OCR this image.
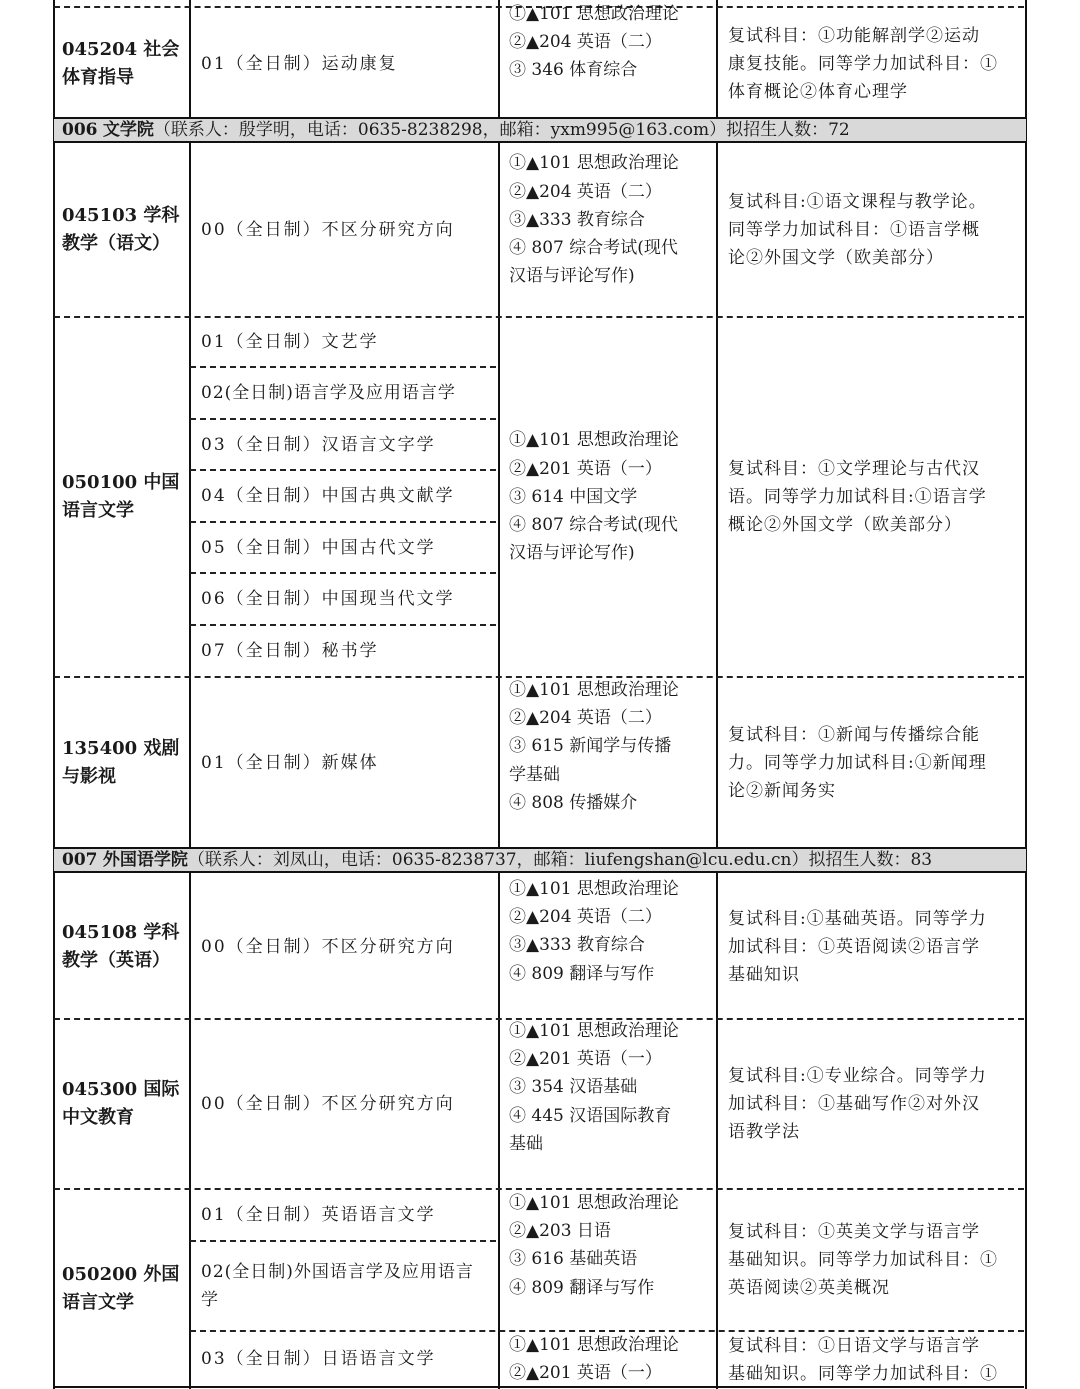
006 文学院（联系人：殷学明，电话：0635-8238298，邮箱：yxm995@163.com）拟招生人数：72
007 外国语学院（联系人：刘凤山，电话：0635-8238737，邮箱：liufengshan@lcu.edu.cn）拟招生人数：83
045204 社会
体育指导
01（全日制）运动康复
①▲101 思想政治理论
②▲204 英语（二）
③ 346 体育综合
复试科目：①功能解剖学②运动
康复技能。同等学力加试科目：①
体育概论②体育心理学
045103 学科
教学（语文）
00（全日制）不区分研究方向
①▲101 思想政治理论
②▲204 英语（二）
③▲333 教育综合
④ 807 综合考试(现代
汉语与评论写作)
复试科目:①语文课程与教学论。
同等学力加试科目：①语言学概
论②外国文学（欧美部分）
050100 中国
语言文学
01（全日制）文艺学
02(全日制)语言学及应用语言学
03（全日制）汉语言文字学
04（全日制）中国古典文献学
05（全日制）中国古代文学
06（全日制）中国现当代文学
07（全日制）秘书学
①▲101 思想政治理论
②▲201 英语（一）
③ 614 中国文学
④ 807 综合考试(现代
汉语与评论写作)
复试科目：①文学理论与古代汉
语。同等学力加试科目:①语言学
概论②外国文学（欧美部分）
135400 戏剧
与影视
01（全日制）新媒体
①▲101 思想政治理论
②▲204 英语（二）
③ 615 新闻学与传播
学基础
④ 808 传播媒介
复试科目：①新闻与传播综合能
力。同等学力加试科目:①新闻理
论②新闻务实
045108 学科
教学（英语）
00（全日制）不区分研究方向
①▲101 思想政治理论
②▲204 英语（二）
③▲333 教育综合
④ 809 翻译与写作
复试科目:①基础英语。同等学力
加试科目：①英语阅读②语言学
基础知识
045300 国际
中文教育
00（全日制）不区分研究方向
①▲101 思想政治理论
②▲201 英语（一）
③ 354 汉语基础
④ 445 汉语国际教育
基础
复试科目:①专业综合。同等学力
加试科目：①基础写作②对外汉
语教学法
050200 外国
语言文学
01（全日制）英语语言文学
02(全日制)外国语言学及应用语言学
03（全日制）日语语言文学
①▲101 思想政治理论
②▲203 日语
③ 616 基础英语
④ 809 翻译与写作
复试科目：①英美文学与语言学
基础知识。同等学力加试科目：①
英语阅读②英美概况
①▲101 思想政治理论
②▲201 英语（一）
复试科目：①日语文学与语言学
基础知识。同等学力加试科目：①
